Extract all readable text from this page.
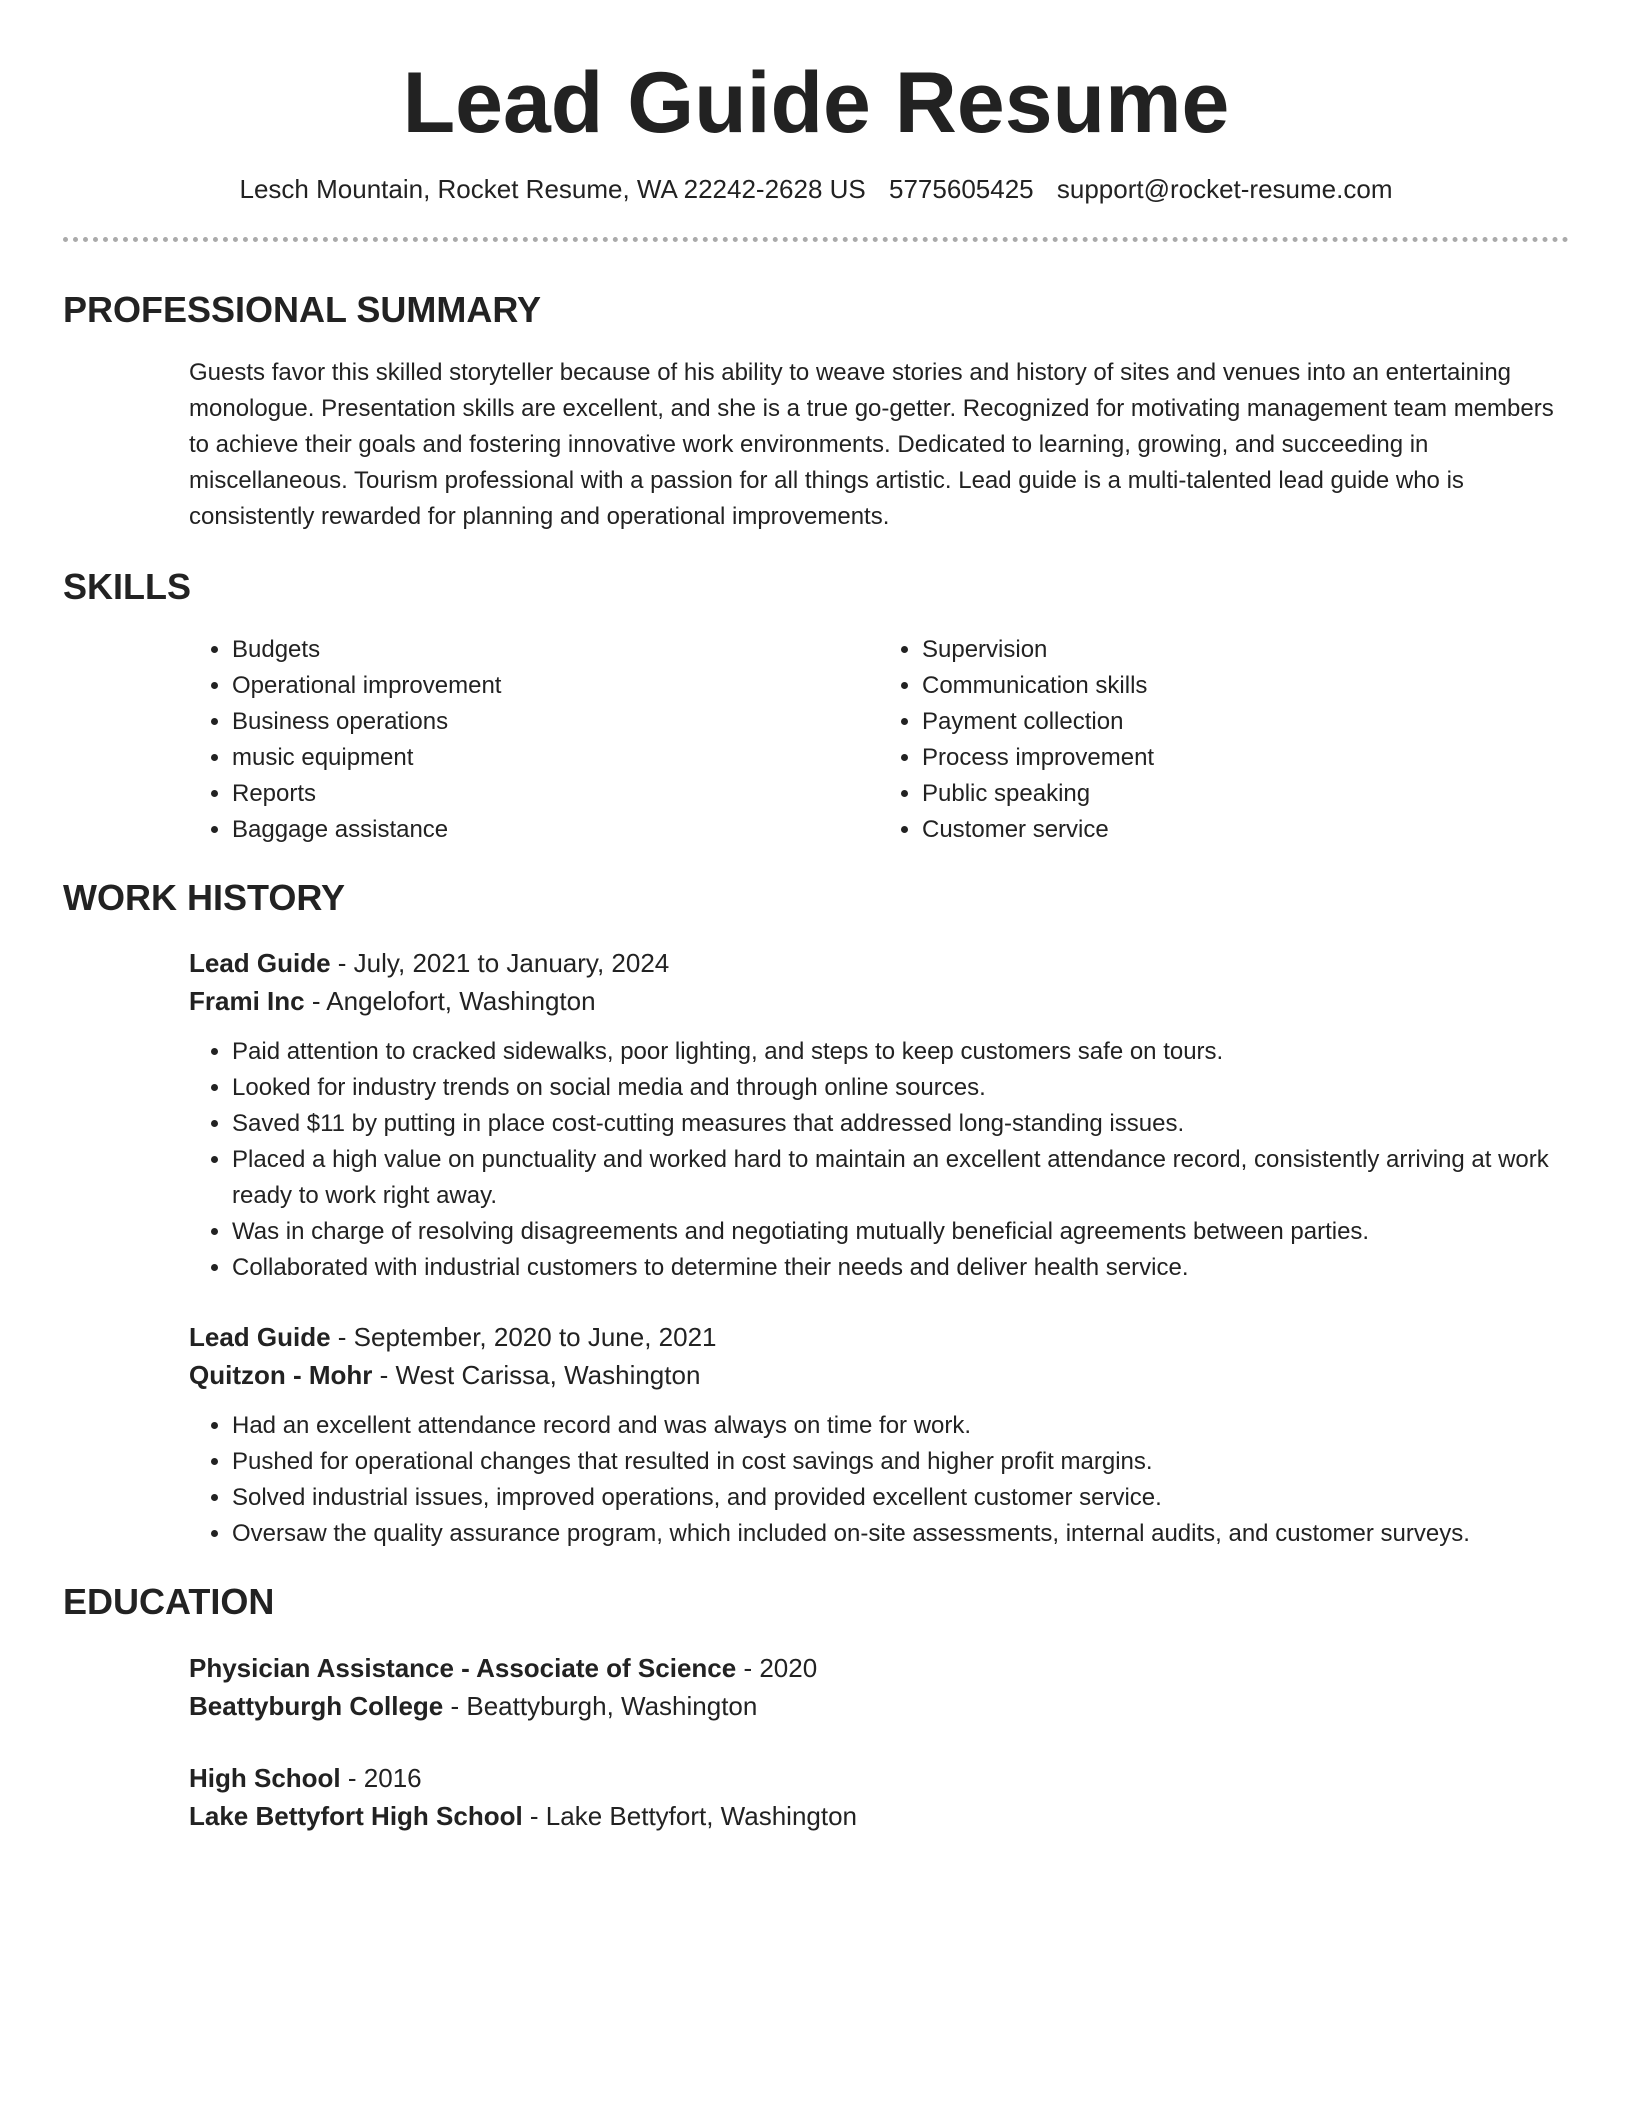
Lead Guide Resume
Lesch Mountain, Rocket Resume, WA 22242-2628 US 5775605425 support@rocket-resume.com
PROFESSIONAL SUMMARY

Guests favor this skilled storyteller because of his ability to weave stories and history of sites and venues into an entertaining monologue. Presentation skills are excellent, and she is a true go-getter. Recognized for motivating management team members to achieve their goals and fostering innovative work environments. Dedicated to learning, growing, and succeeding in miscellaneous. Tourism professional with a passion for all things artistic. Lead guide is a multi-talented lead guide who is consistently rewarded for planning and operational improvements.

SKILLS
• Budgets
• Operational improvement
• Business operations
• music equipment
• Reports
• Baggage assistance
• Supervision
• Communication skills
• Payment collection
• Process improvement
• Public speaking
• Customer service
WORK HISTORY
Lead Guide - July, 2021 to January, 2024
Frami Inc - Angelofort, Washington
• Paid attention to cracked sidewalks, poor lighting, and steps to keep customers safe on tours.
• Looked for industry trends on social media and through online sources.
• Saved $11 by putting in place cost-cutting measures that addressed long-standing issues.
• Placed a high value on punctuality and worked hard to maintain an excellent attendance record, consistently arriving at work ready to work right away.
• Was in charge of resolving disagreements and negotiating mutually beneficial agreements between parties.
• Collaborated with industrial customers to determine their needs and deliver health service.
Lead Guide - September, 2020 to June, 2021
Quitzon - Mohr - West Carissa, Washington
• Had an excellent attendance record and was always on time for work.
• Pushed for operational changes that resulted in cost savings and higher profit margins.
• Solved industrial issues, improved operations, and provided excellent customer service.
• Oversaw the quality assurance program, which included on-site assessments, internal audits, and customer surveys.
EDUCATION
Physician Assistance - Associate of Science - 2020
Beattyburgh College - Beattyburgh, Washington
High School - 2016
Lake Bettyfort High School - Lake Bettyfort, Washington
